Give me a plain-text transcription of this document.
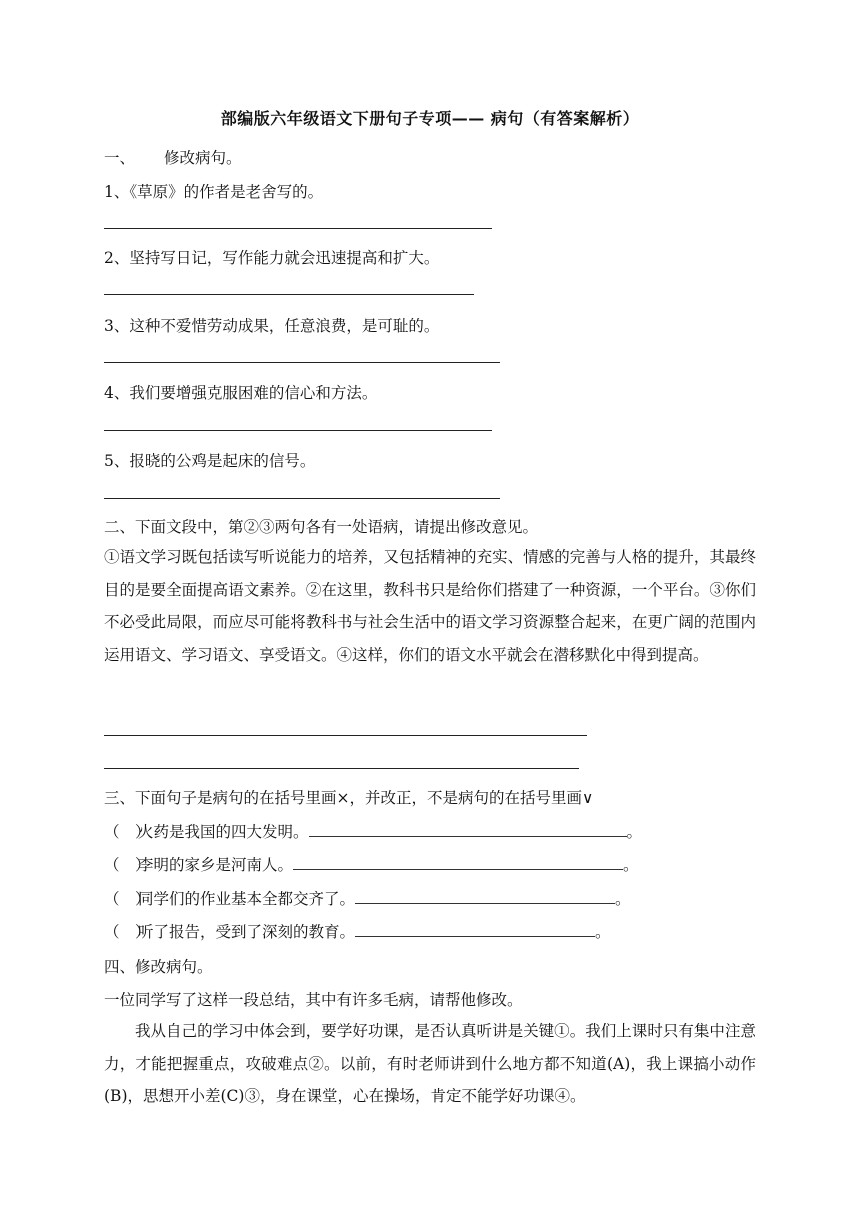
部编版六年级语文下册句子专项—— 病句（有答案解析）
一、 修改病句。
1、《草原》的作者是老舍写的。
2、坚持写日记，写作能力就会迅速提高和扩大。
3、这种不爱惜劳动成果，任意浪费，是可耻的。
4、我们要增强克服困难的信心和方法。
5、报晓的公鸡是起床的信号。
二、下面文段中，第②③两句各有一处语病，请提出修改意见。
①语文学习既包括读写听说能力的培养，又包括精神的充实、情感的完善与人格的提升，其最终目的是要全面提高语文素养。②在这里，教科书只是给你们搭建了一种资源，一个平台。③你们不必受此局限，而应尽可能将教科书与社会生活中的语文学习资源整合起来，在更广阔的范围内运用语文、学习语文、享受语文。④这样，你们的语文水平就会在潜移默化中得到提高。
三、下面句子是病句的在括号里画×，并改正，不是病句的在括号里画∨
（　）火药是我国的四大发明。	。
（　）李明的家乡是河南人。	。
（　）同学们的作业基本全都交齐了。	。
（　）听了报告，受到了深刻的教育。	。
四、修改病句。
一位同学写了这样一段总结，其中有许多毛病，请帮他修改。
我从自己的学习中体会到，要学好功课，是否认真听讲是关键①。我们上课时只有集中注意力，才能把握重点，攻破难点②。以前，有时老师讲到什么地方都不知道(A)，我上课搞小动作(B)，思想开小差(C)③，身在课堂，心在操场，肯定不能学好功课④。
